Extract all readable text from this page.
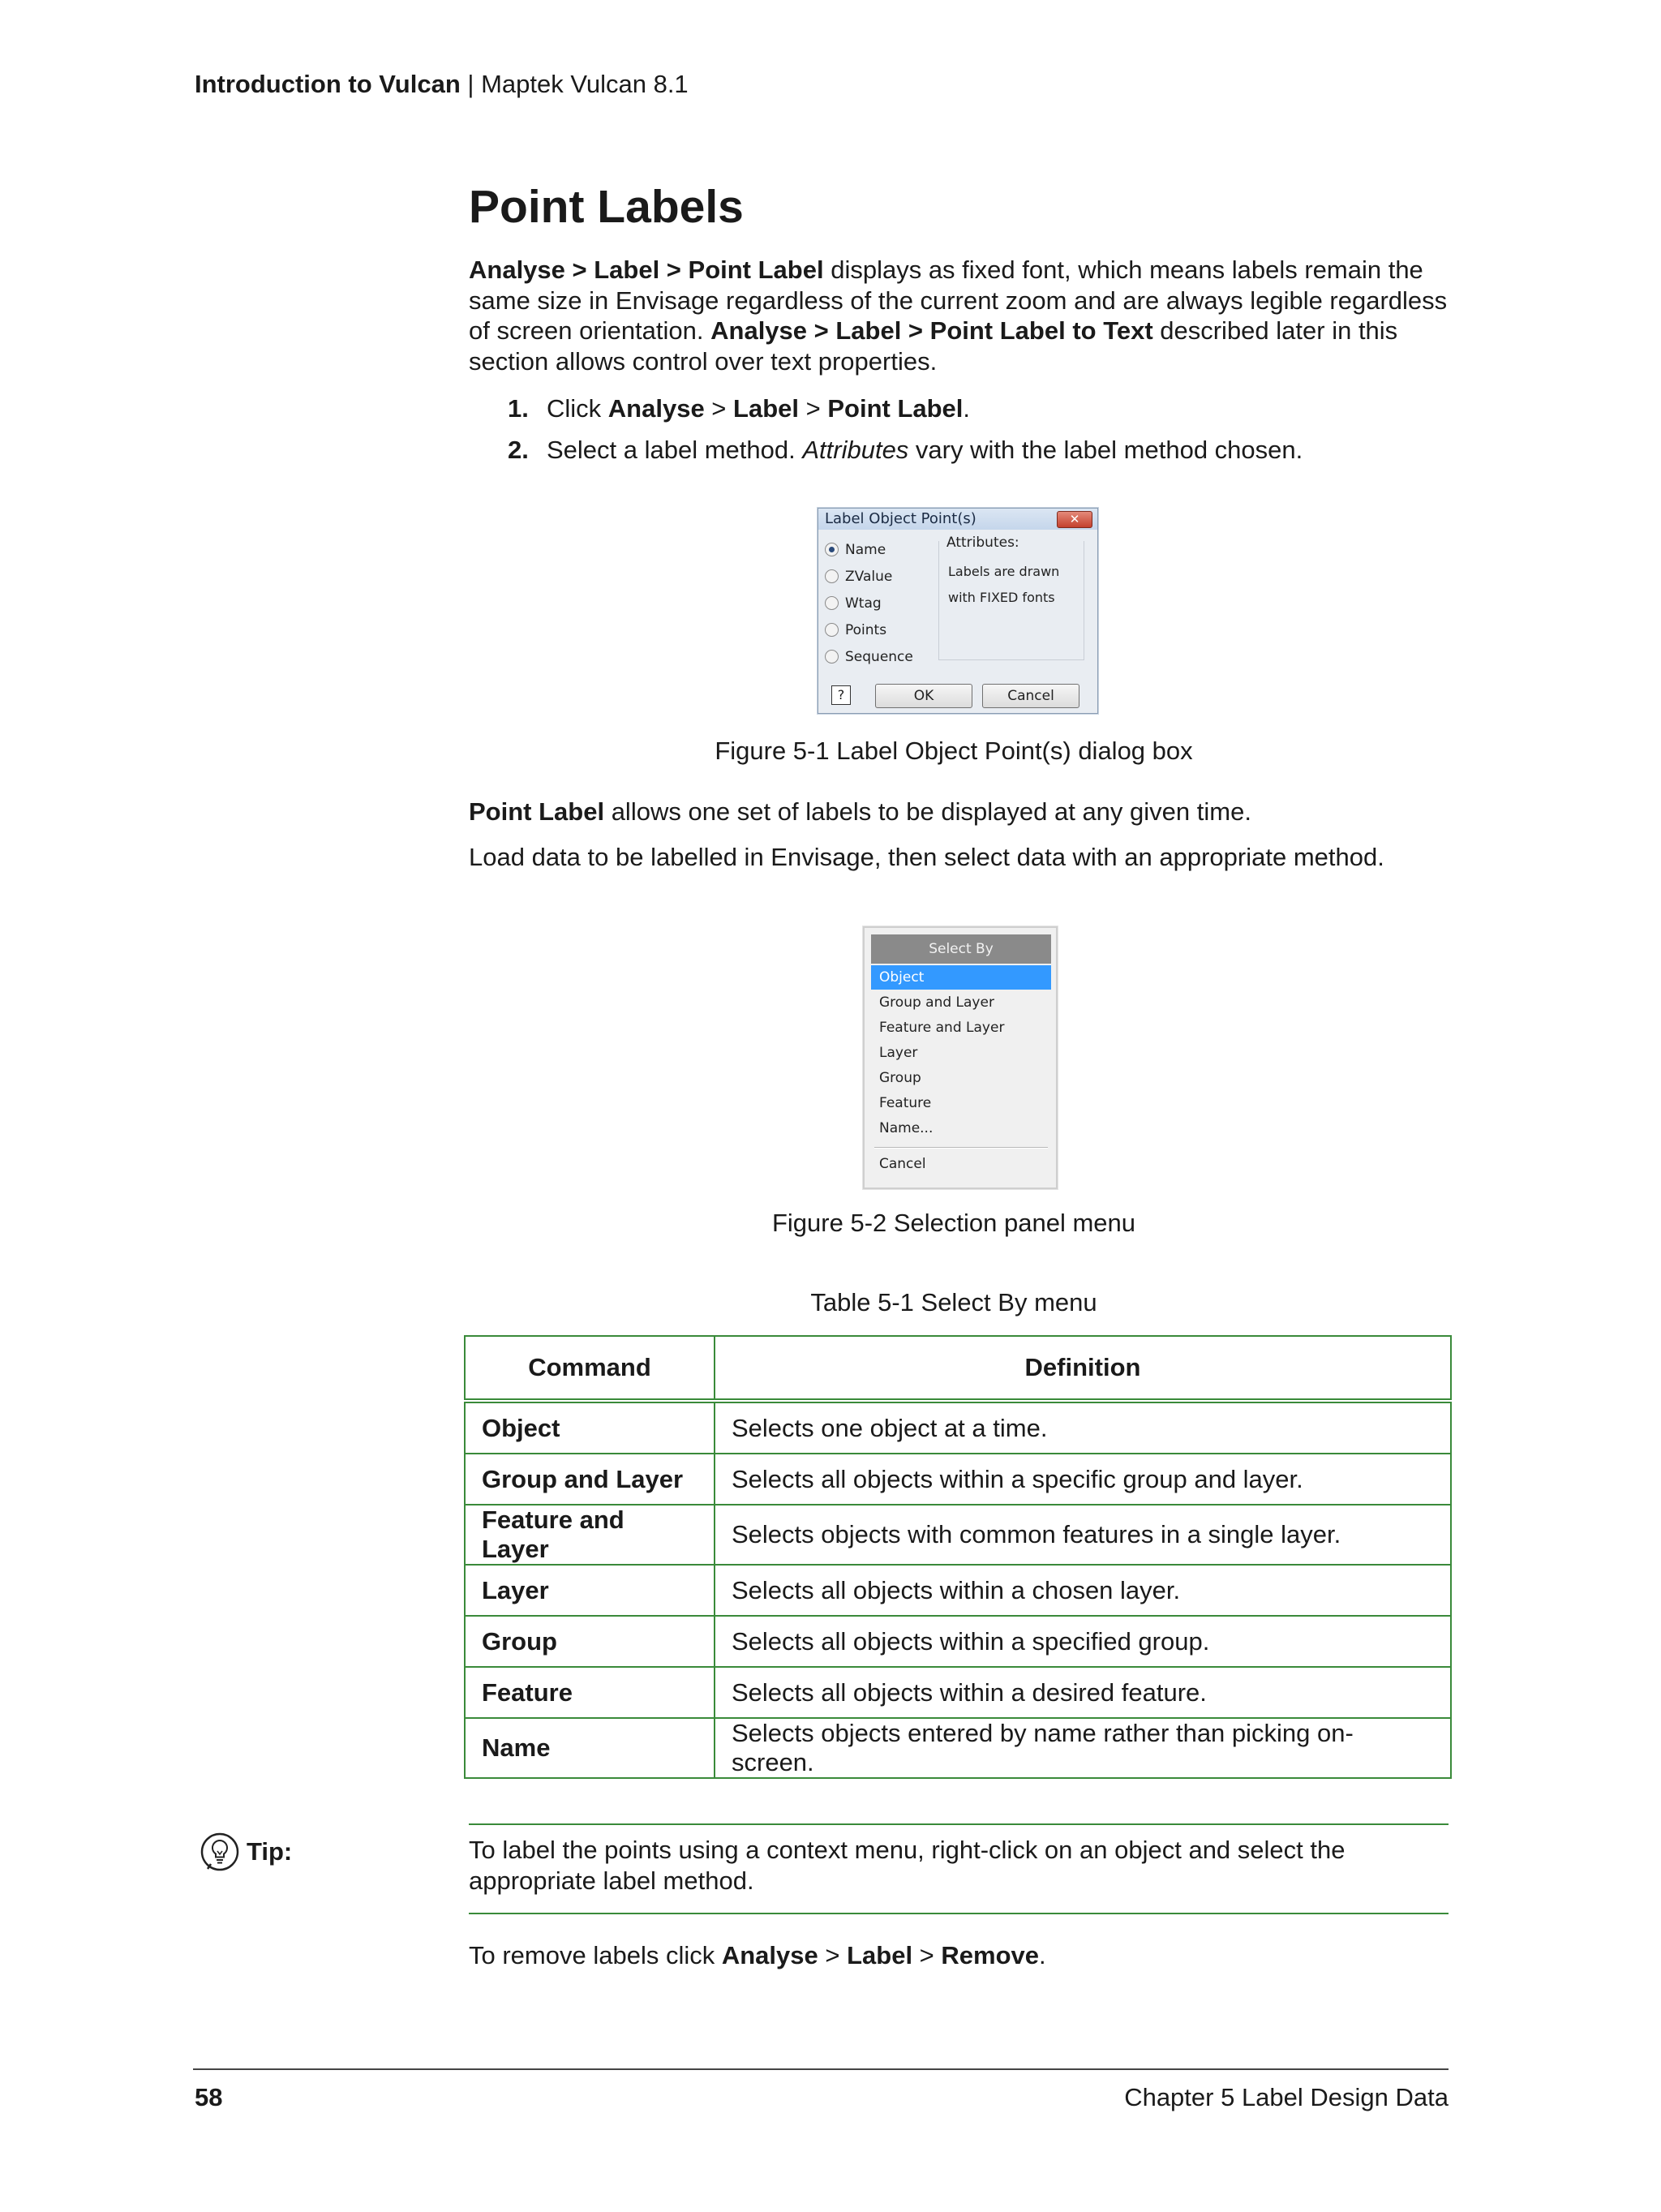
Introduction to Vulcan | Maptek Vulcan 8.1
Point Labels
Analyse > Label > Point Label displays as fixed font, which means labels remain the same size in Envisage regardless of the current zoom and are always legible regardless of screen orientation. Analyse > Label > Point Label to Text described later in this section allows control over text properties.
1. Click Analyse > Label > Point Label.
2. Select a label method. Attributes vary with the label method chosen.
Label Object Point(s)	✕
Name
ZValue
Wtag
Points
Sequence
Attributes:
Labels are drawn
with FIXED fonts
?	OK	Cancel
Figure 5-1 Label Object Point(s) dialog box
Point Label allows one set of labels to be displayed at any given time.
Load data to be labelled in Envisage, then select data with an appropriate method.
Select By
Object
Group and Layer
Feature and Layer
Layer
Group
Feature
Name...
Cancel
Figure 5-2 Selection panel menu
Table 5-1 Select By menu
Command	Definition
Object	Selects one object at a time.
Group and Layer	Selects all objects within a specific group and layer.
Feature and Layer	Selects objects with common features in a single layer.
Layer	Selects all objects within a chosen layer.
Group	Selects all objects within a specified group.
Feature	Selects all objects within a desired feature.
Name	Selects objects entered by name rather than picking on-screen.
Tip:	To label the points using a context menu, right-click on an object and select the appropriate label method.
To remove labels click Analyse > Label > Remove.
58	Chapter 5 Label Design Data
